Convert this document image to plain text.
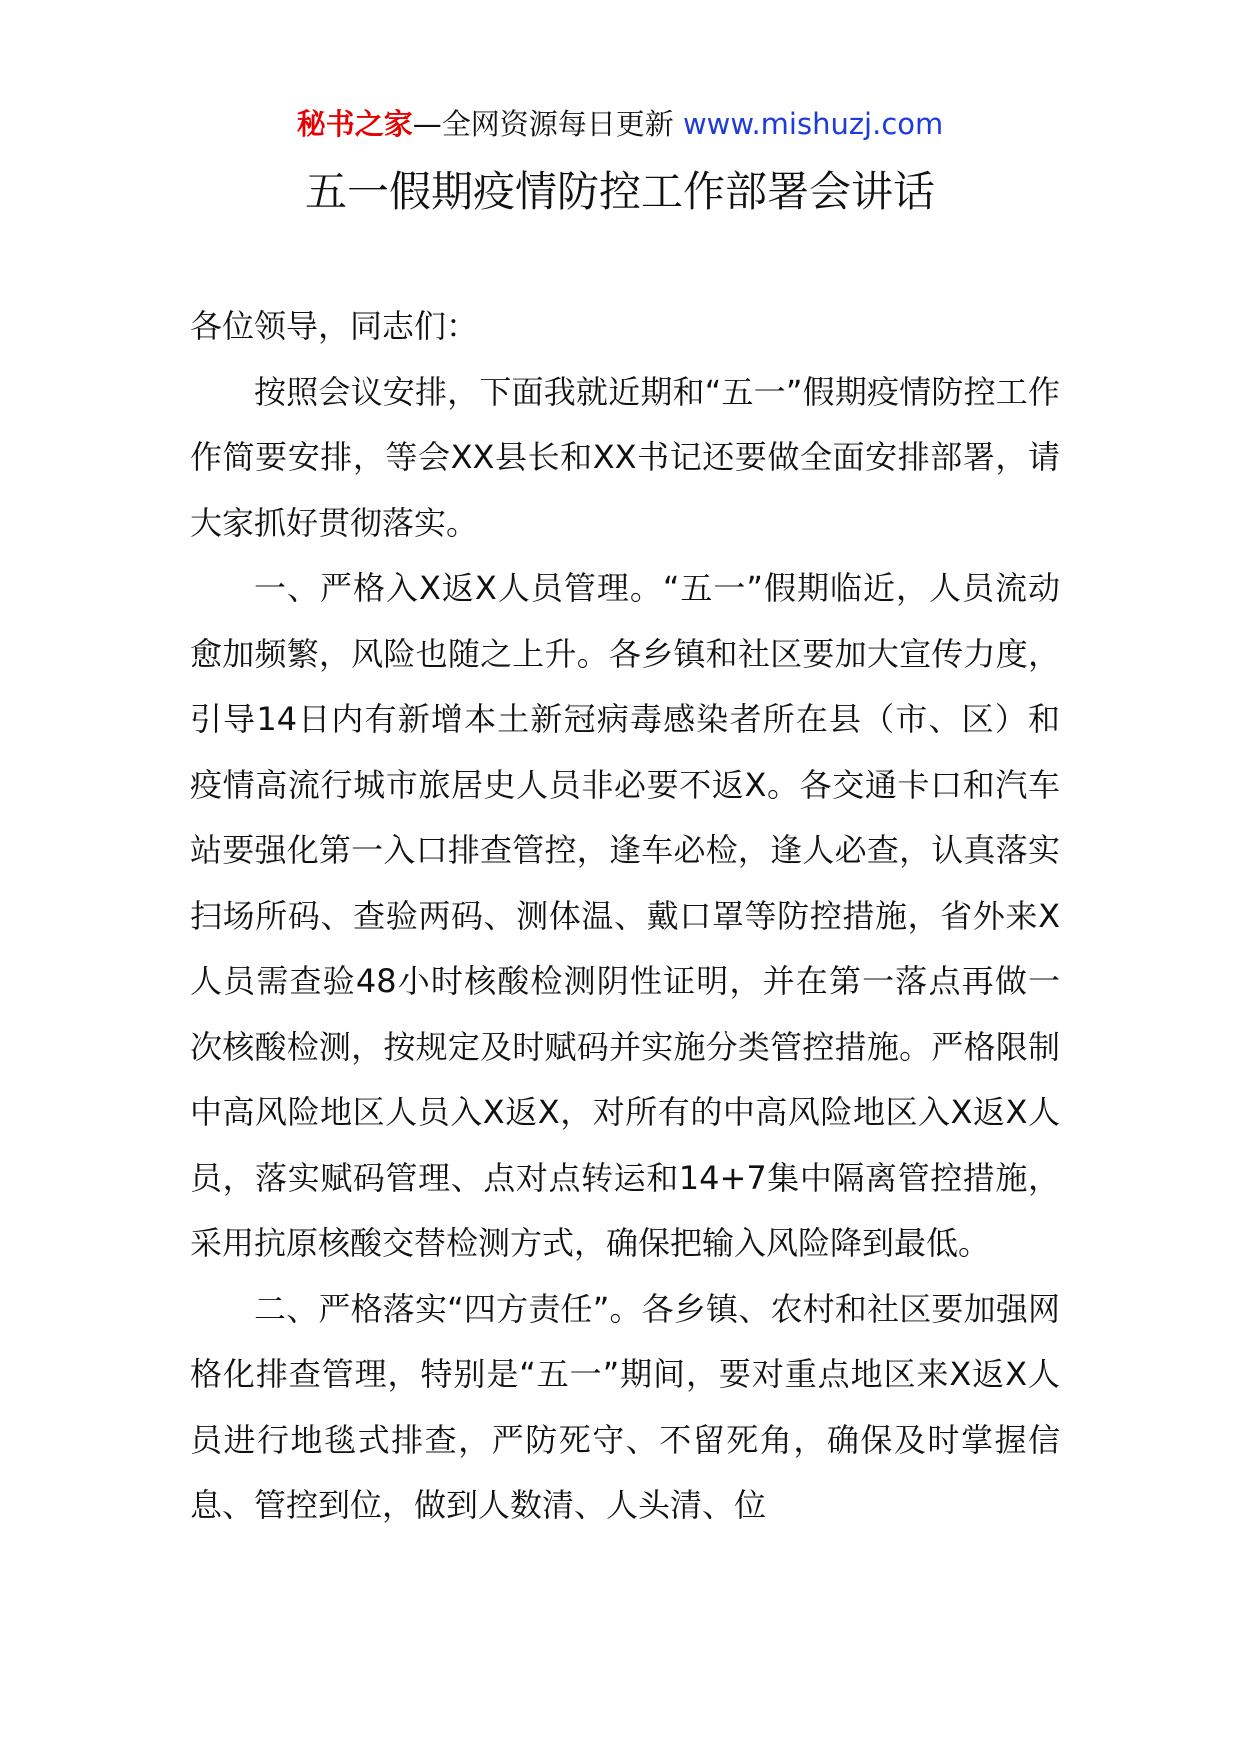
秘书之家—全网资源每日更新 www.mishuzj.com
五一假期疫情防控工作部署会讲话

各位领导，同志们：

按照会议安排，下面我就近期和“五一”假期疫情防控工作作简要安排，等会XX县长和XX书记还要做全面安排部署，请大家抓好贯彻落实。

一、严格入X返X人员管理。“五一”假期临近，人员流动愈加频繁，风险也随之上升。各乡镇和社区要加大宣传力度，引导14日内有新增本土新冠病毒感染者所在县（市、区）和疫情高流行城市旅居史人员非必要不返X。各交通卡口和汽车站要强化第一入口排查管控，逢车必检，逢人必查，认真落实扫场所码、查验两码、测体温、戴口罩等防控措施，省外来X人员需查验48小时核酸检测阴性证明，并在第一落点再做一次核酸检测，按规定及时赋码并实施分类管控措施。严格限制中高风险地区人员入X返X，对所有的中高风险地区入X返X人员，落实赋码管理、点对点转运和14+7集中隔离管控措施，采用抗原核酸交替检测方式，确保把输入风险降到最低。

二、严格落实“四方责任”。各乡镇、农村和社区要加强网格化排查管理，特别是“五一”期间，要对重点地区来X返X人员进行地毯式排查，严防死守、不留死角，确保及时掌握信息、管控到位，做到人数清、人头清、位
